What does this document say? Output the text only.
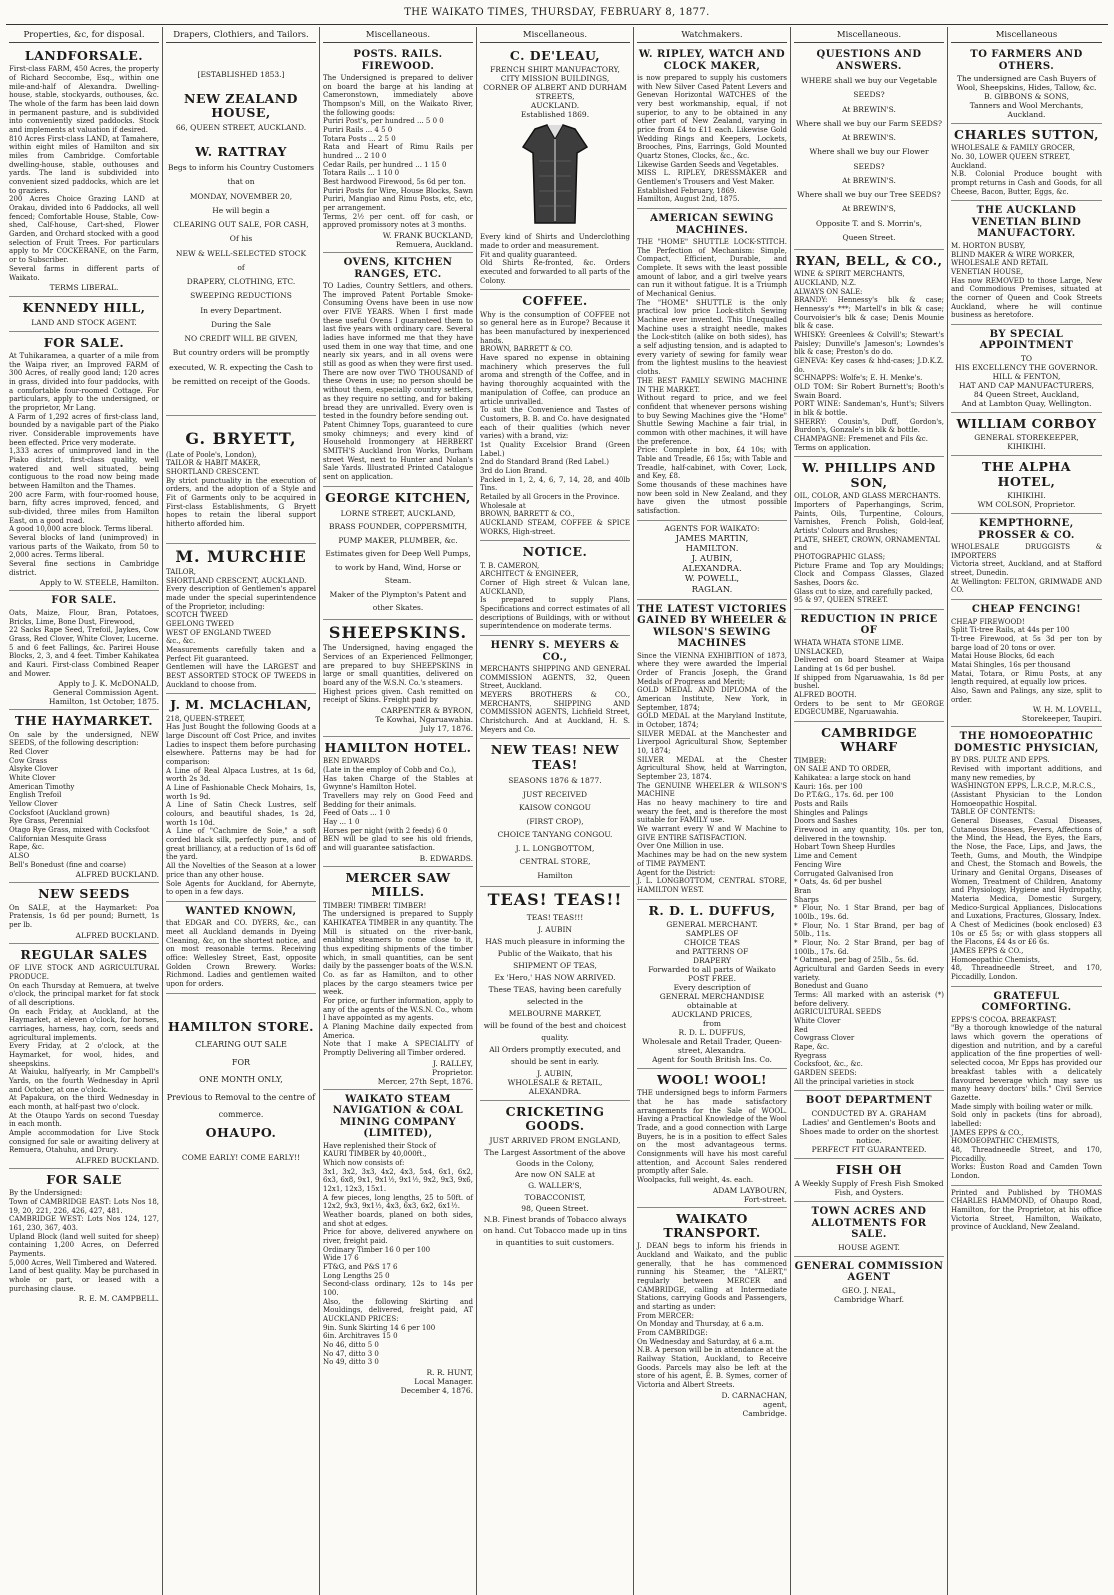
THE WAIKATO TIMES, THURSDAY, FEBRUARY 8, 1877.
Properties, &c, for disposal.
LANDFORSALE.
First-class FARM, 450 Acres, the property of Richard Seccombe, Esq., within one mile-and-half of Alexandra. Dwelling-house, stable, stockyards, outhouses, &c. The whole of the farm has been laid down in permanent pasture, and is subdivided into conveniently sized paddocks. Stock and implements at valuation if desired.
810 Acres First-class LAND, at Tamahere, within eight miles of Hamilton and six miles from Cambridge. Comfortable dwelling-house, stable, outhouses and yards. The land is subdivided into convenient sized paddocks, which are let to graziers.
200 Acres Choice Grazing LAND at Orakau, divided into 6 Paddocks, all well fenced; Comfortable House, Stable, Cow-shed, Calf-house, Cart-shed, Flower Garden, and Orchard stocked with a good selection of Fruit Trees. For particulars apply to Mr COCKERANE, on the Farm, or to Subscriber.
Several farms in different parts of Waikato.
TERMS LIBERAL.
KENNEDY HILL,
LAND AND STOCK AGENT.
FOR SALE.
At Tuhikaramea, a quarter of a mile from the Waipa river, an Improved FARM of 300 Acres, of really good land; 120 acres in grass, divided into four paddocks, with a comfortable four-roomed Cottage. For particulars, apply to the undersigned, or the proprietor, Mr Lang.
A Farm of 1,292 acres of first-class land, bounded by a navigable part of the Piako river. Considerable improvements have been effected. Price very moderate.
1,333 acres of unimproved land in the Piako district, first-class quality, well watered and well situated, being contiguous to the road now being made between Hamilton and the Thames.
200 acre Farm, with four-roomed house, barn, fifty acres improved, fenced, and sub-divided, three miles from Hamilton East, on a good road.
A good 10,000 acre block. Terms liberal.
Several blocks of land (unimproved) in various parts of the Waikato, from 50 to 2,000 acres. Terms liberal.
Several fine sections in Cambridge district.
Apply to W. STEELE, Hamilton.
FOR SALE.
Oats, Maize, Flour, Bran, Potatoes, Bricks, Lime, Bone Dust, Firewood,
22 Sacks Rape Seed, Trefoil, Jaykes, Cow Grass, Red Clover, White Clover, Lucerne.
5 and 6 feet Fallings, &c. Parirei House Blocks, 2, 3, and 4 feet. Timber Kahikatea and Kauri. First-class Combined Reaper and Mower.
Apply to J. K. McDONALD,
General Commission Agent.
Hamilton, 1st October, 1875.
THE HAYMARKET.
On sale by the undersigned, NEW SEEDS, of the following description:
Red Clover
Cow Grass
Alsyke Clover
White Clover
American Timothy
English Trefoil
Yellow Clover
Cocksfoot (Auckland grown)
Rye Grass, Perennial
Otago Rye Grass, mixed with Cocksfoot
Californian Mesquite Grass
Rape, &c.
ALSO
Bell's Bonedust (fine and coarse)
ALFRED BUCKLAND.
NEW SEEDS
On SALE, at the Haymarket: Poa Pratensis, 1s 6d per pound; Burnett, 1s per lb.
ALFRED BUCKLAND.
REGULAR SALES
OF LIVE STOCK AND AGRICULTURAL PRODUCE.
On each Thursday at Remuera, at twelve o'clock, the principal market for fat stock of all descriptions.
On each Friday, at Auckland, at the Haymarket, at eleven o'clock, for horses, carriages, harness, hay, corn, seeds and agricultural implements.
Every Friday, at 2 o'clock, at the Haymarket, for wool, hides, and sheepskins.
At Waiuku, halfyearly, in Mr Campbell's Yards, on the fourth Wednesday in April and October, at one o'clock.
At Papakura, on the third Wednesday in each month, at half-past two o'clock.
At the Otaupo Yards on second Tuesday in each month.
Ample accommodation for Live Stock consigned for sale or awaiting delivery at Remuera, Otahuhu, and Drury.
ALFRED BUCKLAND.
FOR SALE
By the Undersigned:
Town of CAMBRIDGE EAST: Lots Nos 18, 19, 20, 221, 226, 426, 427, 481.
CAMBRIDGE WEST: Lots Nos 124, 127, 161, 230, 367, 403.
Upland Block (land well suited for sheep) containing 1,200 Acres, on Deferred Payments.
5,000 Acres, Well Timbered and Watered.
Land of best quality. May be purchased in whole or part, or leased with a purchasing clause.
R. E. M. CAMPBELL.
Drapers, Clothiers, and Tailors.
[ESTABLISHED 1853.]
NEW ZEALAND HOUSE,
66, QUEEN STREET, AUCKLAND.
W. RATTRAY
Begs to inform his Country Customers
that on
MONDAY, NOVEMBER 20,
He will begin a
CLEARING OUT SALE, FOR CASH,
Of his
NEW & WELL-SELECTED STOCK
of
DRAPERY, CLOTHING, ETC.
SWEEPING REDUCTIONS
In every Department.
During the Sale
NO CREDIT WILL BE GIVEN,
But country orders will be promptly executed, W. R. expecting the Cash to be remitted on receipt of the Goods.
G. BRYETT,
(Late of Poole's, London),
TAILOR & HABIT MAKER,
SHORTLAND CRESCENT.
By strict punctuality in the execution of orders, and the adoption of a Style and Fit of Garments only to be acquired in First-class Establishments, G Bryett hopes to retain the liberal support hitherto afforded him.
M. MURCHIE
TAILOR,
SHORTLAND CRESCENT, AUCKLAND.
Every description of Gentlemen's apparel made under the special superintendence of the Proprietor, including:
SCOTCH TWEED
GEELONG TWEED
WEST OF ENGLAND TWEED
&c., &c.
Measurements carefully taken and a Perfect Fit guaranteed.
Gentlemen will have the LARGEST and BEST ASSORTED STOCK OF TWEEDS in Auckland to choose from.
J. M. MCLACHLAN,
218, QUEEN-STREET,
Has Just Bought the following Goods at a large Discount off Cost Price, and invites Ladies to inspect them before purchasing elsewhere. Patterns may be had for comparison:
A Line of Real Alpaca Lustres, at 1s 6d, worth 2s 3d.
A Line of Fashionable Check Mohairs, 1s, worth 1s 9d.
A Line of Satin Check Lustres, self colours, and beautiful shades, 1s 2d, worth 1s 10d.
A Line of "Cachmire de Soie," a soft corded black silk, perfectly pure, and of great brilliancy, at a reduction of 1s 6d off the yard.
All the Novelties of the Season at a lower price than any other house.
Sole Agents for Auckland, for Abernyte, to open in a few days.
WANTED KNOWN,
that EDGAR and CO. DYERS, &c., can meet all Auckland demands in Dyeing Cleaning, &c, on the shortest notice, and on most reasonable terms. Receiving office: Wellesley Street, East, opposite Golden Crown Brewery. Works: Richmond. Ladies and gentlemen waited upon for orders.
HAMILTON STORE.
CLEARING OUT SALE
FOR
ONE MONTH ONLY,
Previous to Removal to the centre of commerce.
OHAUPO.
COME EARLY! COME EARLY!!
Miscellaneous.
POSTS. RAILS. FIREWOOD.
The Undersigned is prepared to deliver on board the barge at his landing at Cameronstown, immediately above Thompson's Mill, on the Waikato River, the following goods:
Puriri Post's, per hundred ... 5 0 0
Puriri Rails ... 4 5 0
Totara Posts ... 2 5 0
Rata and Heart of Rimu Rails per hundred ... 2 10 0
Cedar Rails, per hundred ... 1 15 0
Totara Rails ... 1 10 0
Best hardwood Firewood, 5s 6d per ton.
Puriri Posts for Wire, House Blocks, Sawn Puriri, Mangiao and Rimu Posts, etc, etc, per arrangement.
Terms, 2½ per cent. off for cash, or approved promissory notes at 3 months.
W. FRANK BUCKLAND,
Remuera, Auckland.
OVENS, KITCHEN RANGES, ETC.
TO Ladies, Country Settlers, and others. The improved Patent Portable Smoke-Consuming Ovens have been in use now over FIVE YEARS. When I first made these useful Ovens I guaranteed them to last five years with ordinary care. Several ladies have informed me that they have used them in one way that time, and one nearly six years, and in all ovens were still as good as when they were first used. There are now over TWO THOUSAND of these Ovens in use; no person should be without them, especially country settlers, as they require no setting, and for baking bread they are unrivalled. Every oven is tested in the foundry before sending out.
Patent Chimney Tops, guaranteed to cure smoky chimneys; and every kind of Household Ironmongery at HERBERT SMITH'S Auckland Iron Works, Durham street West, next to Hunter and Nolan's Sale Yards. Illustrated Printed Catalogue sent on application.
GEORGE KITCHEN,
LORNE STREET, AUCKLAND,
BRASS FOUNDER, COPPERSMITH,
PUMP MAKER, PLUMBER, &c.
Estimates given for Deep Well Pumps, to work by Hand, Wind, Horse or Steam.
Maker of the Plympton's Patent and other Skates.
SHEEPSKINS.
The Undersigned, having engaged the Services of an Experienced Fellmonger, are prepared to buy SHEEPSKINS in large or small quantities, delivered on board any of the W.S.N. Co.'s steamers.
Highest prices given. Cash remitted on receipt of Skins. Freight paid by
CARPENTER & BYRON,
Te Kowhai, Ngaruawahia.
July 17, 1876.
HAMILTON HOTEL.
BEN EDWARDS
(Late in the employ of Cobb and Co.),
Has taken Charge of the Stables at Gwynne's Hamilton Hotel.
Travellers may rely on Good Feed and Bedding for their animals.
Feed of Oats ... 1 0
Hay ... 1 0
Horses per night (with 2 feeds) 6 0
BEN will be glad to see his old friends, and will guarantee satisfaction.
B. EDWARDS.
MERCER SAW MILLS.
TIMBER! TIMBER! TIMBER!
The undersigned is prepared to Supply KAHIKATEA TIMBER in any quantity. The Mill is situated on the river-bank, enabling steamers to come close to it, thus expediting shipments of the timber which, in small quantities, can be sent daily by the passenger boats of the W.S.N. Co. as far as Hamilton, and to other places by the cargo steamers twice per week.
For price, or further information, apply to any of the agents of the W.S.N. Co., whom I have appointed as my agents.
A Planing Machine daily expected from America.
Note that I make A SPECIALITY of Promptly Delivering all Timber ordered.
J. RALLEY,
Proprietor.
Mercer, 27th Sept, 1876.
WAIKATO STEAM NAVIGATION & COAL MINING COMPANY (LIMITED),
Have replenished their Stock of
KAURI TIMBER by 40,000ft.,
Which now consists of:
3x1, 3x2, 3x3, 4x2, 4x3, 5x4, 6x1, 6x2, 6x3, 6x8, 9x1, 9x1½, 9x1½, 9x2, 9x3, 9x6, 12x1, 12x3, 15x1.
A few pieces, long lengths, 25 to 50ft. of 12x2, 9x3, 9x1½, 4x3, 6x3, 6x2, 6x1½.
Weather boards, planed on both sides, and shot at edges.
Price for above, delivered anywhere on river, freight paid.
Ordinary Timber 16 0 per 100
Wide 17 6
FT&G, and P&S 17 6
Long Lengths 25 0
Second-class ordinary, 12s to 14s per 100.
Also, the following Skirting and Mouldings, delivered, freight paid, AT AUCKLAND PRICES:
9in. Sunk Skirting 14 6 per 100
6in. Architraves 15 0
No 46, ditto 5 0
No 47, ditto 3 0
No 49, ditto 3 0
R. R. HUNT,
Local Manager.
December 4, 1876.
Miscellaneous.
C. DE'LEAU,
FRENCH SHIRT MANUFACTORY,
CITY MISSION BUILDINGS,
CORNER OF ALBERT AND DURHAM STREETS,
AUCKLAND.
Established 1869.
Every kind of Shirts and Underclothing made to order and measurement.
Fit and quality guaranteed.
Old Shirts Re-fronted, &c. Orders executed and forwarded to all parts of the Colony.
COFFEE.
Why is the consumption of COFFEE not so general here as in Europe? Because it has been manufactured by inexperienced hands.
BROWN, BARRETT & CO.
Have spared no expense in obtaining machinery which preserves the full aroma and strength of the Coffee, and in having thoroughly acquainted with the manipulation of Coffee, can produce an article unrivalled.
To suit the Convenience and Tastes of Customers, B. B. and Co. have designated each of their qualities (which never varies) with a brand, viz:
1st Quality Excelsior Brand (Green Label.)
2nd do Standard Brand (Red Label.)
3rd do Lion Brand.
Packed in 1, 2, 4, 6, 7, 14, 28, and 40lb Tins.
Retailed by all Grocers in the Province.
Wholesale at
BROWN, BARRETT & CO.,
AUCKLAND STEAM, COFFEE & SPICE WORKS, High-street.
NOTICE.
T. B. CAMERON,
ARCHITECT & ENGINEER,
Corner of High street & Vulcan lane, AUCKLAND,
Is prepared to supply Plans, Specifications and correct estimates of all descriptions of Buildings, with or without superintendence on moderate terms.
HENRY S. MEYERS & CO.,
MERCHANTS SHIPPING AND GENERAL COMMISSION AGENTS, 32, Queen Street, Auckland.
MEYERS BROTHERS & CO., MERCHANTS, SHIPPING AND COMMISSION AGENTS, Lichfield Street, Christchurch. And at Auckland, H. S. Meyers and Co.
NEW TEAS! NEW TEAS!
SEASONS 1876 & 1877.
JUST RECEIVED
KAISOW CONGOU
(FIRST CROP),
CHOICE TANYANG CONGOU.
J. L. LONGBOTTOM,
CENTRAL STORE,
Hamilton
TEAS! TEAS!!
TEAS! TEAS!!!
J. AUBIN
HAS much pleasure in informing the Public of the Waikato, that his
SHIPMENT OF TEAS,
Ex 'Hero,' HAS NOW ARRIVED.
These TEAS, having been carefully selected in the
MELBOURNE MARKET,
will be found of the best and choicest quality.
All Orders promptly executed, and should be sent in early.
J. AUBIN,
WHOLESALE & RETAIL,
ALEXANDRA.
CRICKETING GOODS.
JUST ARRIVED FROM ENGLAND,
The Largest Assortment of the above Goods in the Colony,
Are now ON SALE at
G. WALLER'S,
TOBACCONIST,
98, Queen Street.
N.B. Finest brands of Tobacco always on hand. Cut Tobacco made up in tins in quantities to suit customers.
Watchmakers.
W. RIPLEY, WATCH AND CLOCK MAKER,
is now prepared to supply his customers with New Silver Cased Patent Levers and Genevan Horizontal WATCHES of the very best workmanship, equal, if not superior, to any to be obtained in any other part of New Zealand, varying in price from £4 to £11 each. Likewise Gold Wedding Rings and Keepers, Lockets, Brooches, Pins, Earrings, Gold Mounted Quartz Stones, Clocks, &c., &c.
Likewise Garden Seeds and Vegetables.
MISS L. RIPLEY, DRESSMAKER and Gentlemen's Trousers and Vest Maker.
Established February, 1869.
Hamilton, August 2nd, 1875.
AMERICAN SEWING MACHINES.
THE "HOME" SHUTTLE LOCK-STITCH. The Perfection of Mechanism: Simple, Compact, Efficient, Durable, and Complete. It sews with the least possible amount of labor, and a girl twelve years can run it without fatigue. It is a Triumph of Mechanical Genius.
The "HOME" SHUTTLE is the only practical low price Lock-stitch Sewing Machine ever invented. This Unequalled Machine uses a straight needle, makes the Lock-stitch (alike on both sides), has a self adjusting tension, and is adapted to every variety of sewing for family wear from the lightest muslins to the heaviest cloths.
THE BEST FAMILY SEWING MACHINE IN THE MARKET.
Without regard to price, and we feel confident that whenever persons wishing to buy Sewing Machines give the "Home" Shuttle Sewing Machine a fair trial, in common with other machines, it will have the preference.
Price: Complete in box, £4 10s; with Table and Treadle, £6 15s; with Table and Treadle, half-cabinet, with Cover, Lock, and Key, £8.
Some thousands of these machines have now been sold in New Zealand, and they have given the utmost possible satisfaction.
AGENTS FOR WAIKATO:
JAMES MARTIN,
HAMILTON.
J. AUBIN,
ALEXANDRA.
W. POWELL,
RAGLAN.
THE LATEST VICTORIES GAINED BY WHEELER & WILSON'S SEWING MACHINES
Since the VIENNA EXHIBITION of 1873, where they were awarded the Imperial Order of Francis Joseph, the Grand Medals of Progress and Merit;
GOLD MEDAL AND DIPLOMA of the American Institute, New York, in September, 1874;
GOLD MEDAL at the Maryland Institute, in October, 1874;
SILVER MEDAL at the Manchester and Liverpool Agricultural Show, September 10, 1874;
SILVER MEDAL at the Chester Agricultural Show, held at Warrington, September 23, 1874.
The GENUINE WHEELER & WILSON'S MACHINE
Has no heavy machinery to tire and weary the feet, and is therefore the most suitable for FAMILY use.
We warrant every W and W Machine to GIVE ENTIRE SATISFACTION.
Over One Million in use.
Machines may be had on the new system of TIME PAYMENT.
Agent for the District:
J. L. LONGBOTTOM, CENTRAL STORE, HAMILTON WEST.
R. D. L. DUFFUS,
GENERAL MERCHANT.
SAMPLES OF
CHOICE TEAS
and PATTERNS OF
DRAPERY
Forwarded to all parts of Waikato POST FREE.
Every description of
GENERAL MERCHANDISE
obtainable at
AUCKLAND PRICES,
from
R. D. L. DUFFUS,
Wholesale and Retail Trader, Queen-street, Alexandra.
Agent for South British Ins. Co.
WOOL! WOOL!
THE undersigned begs to inform Farmers that he has made satisfactory arrangements for the Sale of WOOL. Having a Practical Knowledge of the Wool Trade, and a good connection with Large Buyers, he is in a position to effect Sales on the most advantageous terms. Consignments will have his most careful attention, and Account Sales rendered promptly after Sale.
Woolpacks, full weight, 4s. each.
ADAM LAYBOURN,
Fort-street.
WAIKATO TRANSPORT.
J. DEAN begs to inform his friends in Auckland and Waikato, and the public generally, that he has commenced running his Steamer, the "ALERT," regularly between MERCER and CAMBRIDGE, calling at Intermediate Stations, carrying Goods and Passengers, and starting as under:
From MERCER:
On Monday and Thursday, at 6 a.m.
From CAMBRIDGE:
On Wednesday and Saturday, at 6 a.m.
N.B. A person will be in attendance at the Railway Station, Auckland, to Receive Goods. Parcels may also be left at the store of his agent, E. B. Symes, corner of Victoria and Albert Streets.
D. CARNACHAN,
agent,
Cambridge.
Miscellaneous.
QUESTIONS AND ANSWERS.
WHERE shall we buy our Vegetable SEEDS?
At BREWIN'S.
Where shall we buy our Farm SEEDS?
At BREWIN'S.
Where shall we buy our Flower SEEDS?
At BREWIN'S.
Where shall we buy our Tree SEEDS?
At BREWIN'S,
Opposite T. and S. Morrin's,
Queen Street.
RYAN, BELL, & CO.,
WINE & SPIRIT MERCHANTS,
AUCKLAND, N.Z.
ALWAYS ON SALE:
BRANDY: Hennessy's blk & case; Hennessy's ***; Martell's in blk & case; Courvoisier's blk & case; Denis Mounie blk & case.
WHISKY: Greenlees & Colvill's; Stewart's Paisley; Dunville's Jameson's; Lowndes's blk & case; Preston's do do.
GENEVA: Key cases & hhd-cases; J.D.K.Z. do.
SCHNAPPS: Wolfe's; E. H. Menke's.
OLD TOM: Sir Robert Burnett's; Booth's Swain Board.
PORT WINE: Sandeman's, Hunt's; Silvers in blk & bottle.
SHERRY: Cousin's, Duff, Gordon's, Burdon's, Gonzale's in blk & bottle.
CHAMPAGNE: Fremenet and Fils &c.
Terms on application.
W. PHILLIPS AND SON,
OIL, COLOR, AND GLASS MERCHANTS.
Importers of Paperhangings, Scrim, Paints, Oils, Turpentine, Colours, Varnishes, French Polish, Gold-leaf, Artists' Colours and Brushes;
PLATE, SHEET, CROWN, ORNAMENTAL
and
PHOTOGRAPHIC GLASS;
Picture Frame and Top ary Mouldings; Clock and Compass Glasses, Glazed Sashes, Doors &c.
Glass cut to size, and carefully packed,
95 & 97, QUEEN STREET.
REDUCTION IN PRICE OF
WHATA WHATA STONE LIME.
UNSLACKED,
Delivered on board Steamer at Waipa Landing at 1s 6d per bushel.
If shipped from Ngaruawahia, 1s 8d per bushel.
ALFRED BOOTH.
Orders to be sent to Mr GEORGE EDGECUMBE, Ngaruawahia.
CAMBRIDGE WHARF
TIMBER:
ON SALE AND TO ORDER,
Kahikatea: a large stock on hand
Kauri: 16s. per 100
Do P.T.&G., 17s. 6d. per 100
Posts and Rails
Shingles and Palings
Doors and Sashes
Firewood in any quantity, 10s. per ton, delivered in the township.
Hobart Town Sheep Hurdles
Lime and Cement
Fencing Wire
Corrugated Galvanised Iron
* Oats, 4s. 6d per bushel
Bran
Sharps
* Flour, No. 1 Star Brand, per bag of 100lb., 19s. 6d.
* Flour, No. 1 Star Brand, per bag of 50lb., 11s.
* Flour, No. 2 Star Brand, per bag of 100lb., 17s. 6d.
* Oatmeal, per bag of 25lb., 5s. 6d.
Agricultural and Garden Seeds in every variety.
Bonedust and Guano
Terms: All marked with an asterisk (*) before delivery.
AGRICULTURAL SEEDS
White Clover
Red
Cowgrass Clover
Rape, &c.
Ryegrass
Cocksfoot, &c., &c.
GARDEN SEEDS:
All the principal varieties in stock
BOOT DEPARTMENT
CONDUCTED BY A. GRAHAM
Ladies' and Gentlemen's Boots and Shoes made to order on the shortest notice.
PERFECT FIT GUARANTEED.
FISH OH
A Weekly Supply of Fresh Fish Smoked Fish, and Oysters.
TOWN ACRES AND ALLOTMENTS FOR SALE.
HOUSE AGENT.
GENERAL COMMISSION AGENT
GEO. J. NEAL,
Cambridge Wharf.
Miscellaneous
TO FARMERS AND OTHERS.
The undersigned are Cash Buyers of Wool, Sheepskins, Hides, Tallow, &c.
B. GIBBONS & SONS,
Tanners and Wool Merchants,
Auckland.
CHARLES SUTTON,
WHOLESALE & FAMILY GROCER,
No. 30, LOWER QUEEN STREET,
Auckland.
N.B. Colonial Produce bought with prompt returns in Cash and Goods, for all Cheese, Bacon, Butter, Eggs, &c.
THE AUCKLAND VENETIAN BLIND MANUFACTORY.
M. HORTON BUSBY,
BLIND MAKER & WIRE WORKER,
WHOLESALE AND RETAIL
VENETIAN HOUSE,
Has now REMOVED to those Large, New and Commodious Premises, situated at the corner of Queen and Cook Streets Auckland, where he will continue business as heretofore.
BY SPECIAL APPOINTMENT
TO
HIS EXCELLENCY THE GOVERNOR.
HILL & FENTON,
HAT AND CAP MANUFACTURERS,
84 Queen Street, Auckland,
And at Lambton Quay, Wellington.
WILLIAM CORBOY
GENERAL STOREKEEPER,
KIHIKIHI.
THE ALPHA HOTEL,
KIHIKIHI.
WM COLSON, Proprietor.
KEMPTHORNE, PROSSER & CO.
WHOLESALE DRUGGISTS & IMPORTERS
Victoria street, Auckland, and at Stafford street, Dunedin.
At Wellington: FELTON, GRIMWADE AND CO.
CHEAP FENCING!
CHEAP FIREWOOD!
Split Ti-tree Rails, at 44s per 100
Ti-tree Firewood, at 5s 3d per ton by barge load of 20 tons or over.
Matai House Blocks, 6d each
Matai Shingles, 16s per thousand
Matai, Totara, or Rimu Posts, at any length required, at equally low prices.
Also, Sawn and Palings, any size, split to order.
W. H. M. LOVELL,
Storekeeper, Taupiri.
THE HOMOEOPATHIC DOMESTIC PHYSICIAN,
BY DRS. PULTE AND EPPS.
Revised with important additions, and many new remedies, by
WASHINGTON EPPS, L.R.C.P., M.R.C.S.,
(Assistant Physician to the London Homoeopathic Hospital.
TABLE OF CONTENTS:
General Diseases, Casual Diseases, Cutaneous Diseases, Fevers, Affections of the Mind, the Head, the Eyes, the Ears, the Nose, the Face, Lips, and Jaws, the Teeth, Gums, and Mouth, the Windpipe and Chest, the Stomach and Bowels, the Urinary and Genital Organs, Diseases of Women, Treatment of Children, Anatomy and Physiology, Hygiene and Hydropathy, Materia Medica, Domestic Surgery, Medico-Surgical Appliances, Dislocations and Luxations, Fractures, Glossary, Index.
A Chest of Medicines (book enclosed) £3 10s or £5 5s; or with glass stoppers all the Flacons, £4 4s or £6 6s.
JAMES EPPS & CO.,
Homoeopathic Chemists,
48, Threadneedle Street, and 170, Piccadilly, London.
GRATEFUL COMFORTING.
EPPS'S COCOA. BREAKFAST.
"By a thorough knowledge of the natural laws which govern the operations of digestion and nutrition, and by a careful application of the fine properties of well-selected cocoa, Mr Epps has provided our breakfast tables with a delicately flavoured beverage which may save us many heavy doctors' bills." Civil Service Gazette.
Made simply with boiling water or milk.
Sold only in packets (tins for abroad), labelled:
JAMES EPPS & CO.,
HOMOEOPATHIC CHEMISTS,
48, Threadneedle Street, and 170, Piccadilly.
Works: Euston Road and Camden Town London.
Printed and Published by THOMAS CHARLES HAMMOND, of Ohaupo Road, Hamilton, for the Proprietor, at his office Victoria Street, Hamilton, Waikato, province of Auckland, New Zealand.
